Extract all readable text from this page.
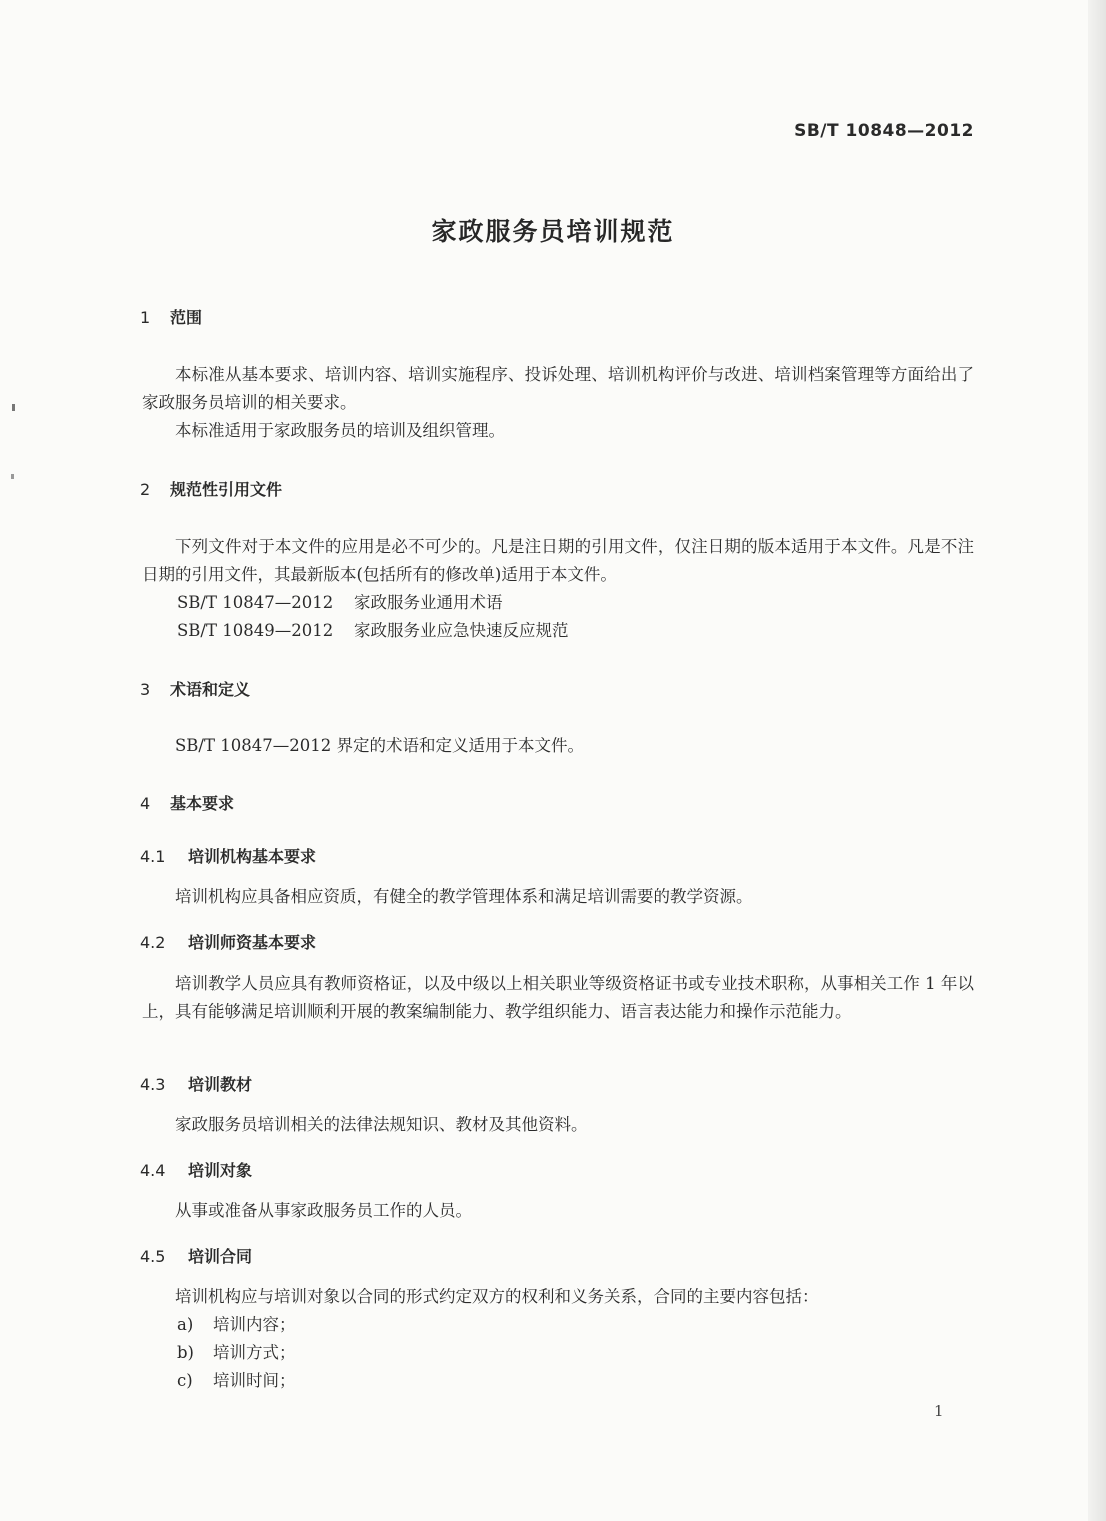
SB/T 10848—2012
家政服务员培训规范
1 范围
本标准从基本要求、培训内容、培训实施程序、投诉处理、培训机构评价与改进、培训档案管理等方面给出了家政服务员培训的相关要求。
本标准适用于家政服务员的培训及组织管理。
2 规范性引用文件
下列文件对于本文件的应用是必不可少的。凡是注日期的引用文件，仅注日期的版本适用于本文件。凡是不注日期的引用文件，其最新版本(包括所有的修改单)适用于本文件。
SB/T 10847—2012 家政服务业通用术语
SB/T 10849—2012 家政服务业应急快速反应规范
3 术语和定义
SB/T 10847—2012 界定的术语和定义适用于本文件。
4 基本要求
4.1 培训机构基本要求
培训机构应具备相应资质，有健全的教学管理体系和满足培训需要的教学资源。
4.2 培训师资基本要求
培训教学人员应具有教师资格证，以及中级以上相关职业等级资格证书或专业技术职称，从事相关工作 1 年以上，具有能够满足培训顺利开展的教案编制能力、教学组织能力、语言表达能力和操作示范能力。
4.3 培训教材
家政服务员培训相关的法律法规知识、教材及其他资料。
4.4 培训对象
从事或准备从事家政服务员工作的人员。
4.5 培训合同
培训机构应与培训对象以合同的形式约定双方的权利和义务关系，合同的主要内容包括：
a) 培训内容；
b) 培训方式；
c) 培训时间；
1
